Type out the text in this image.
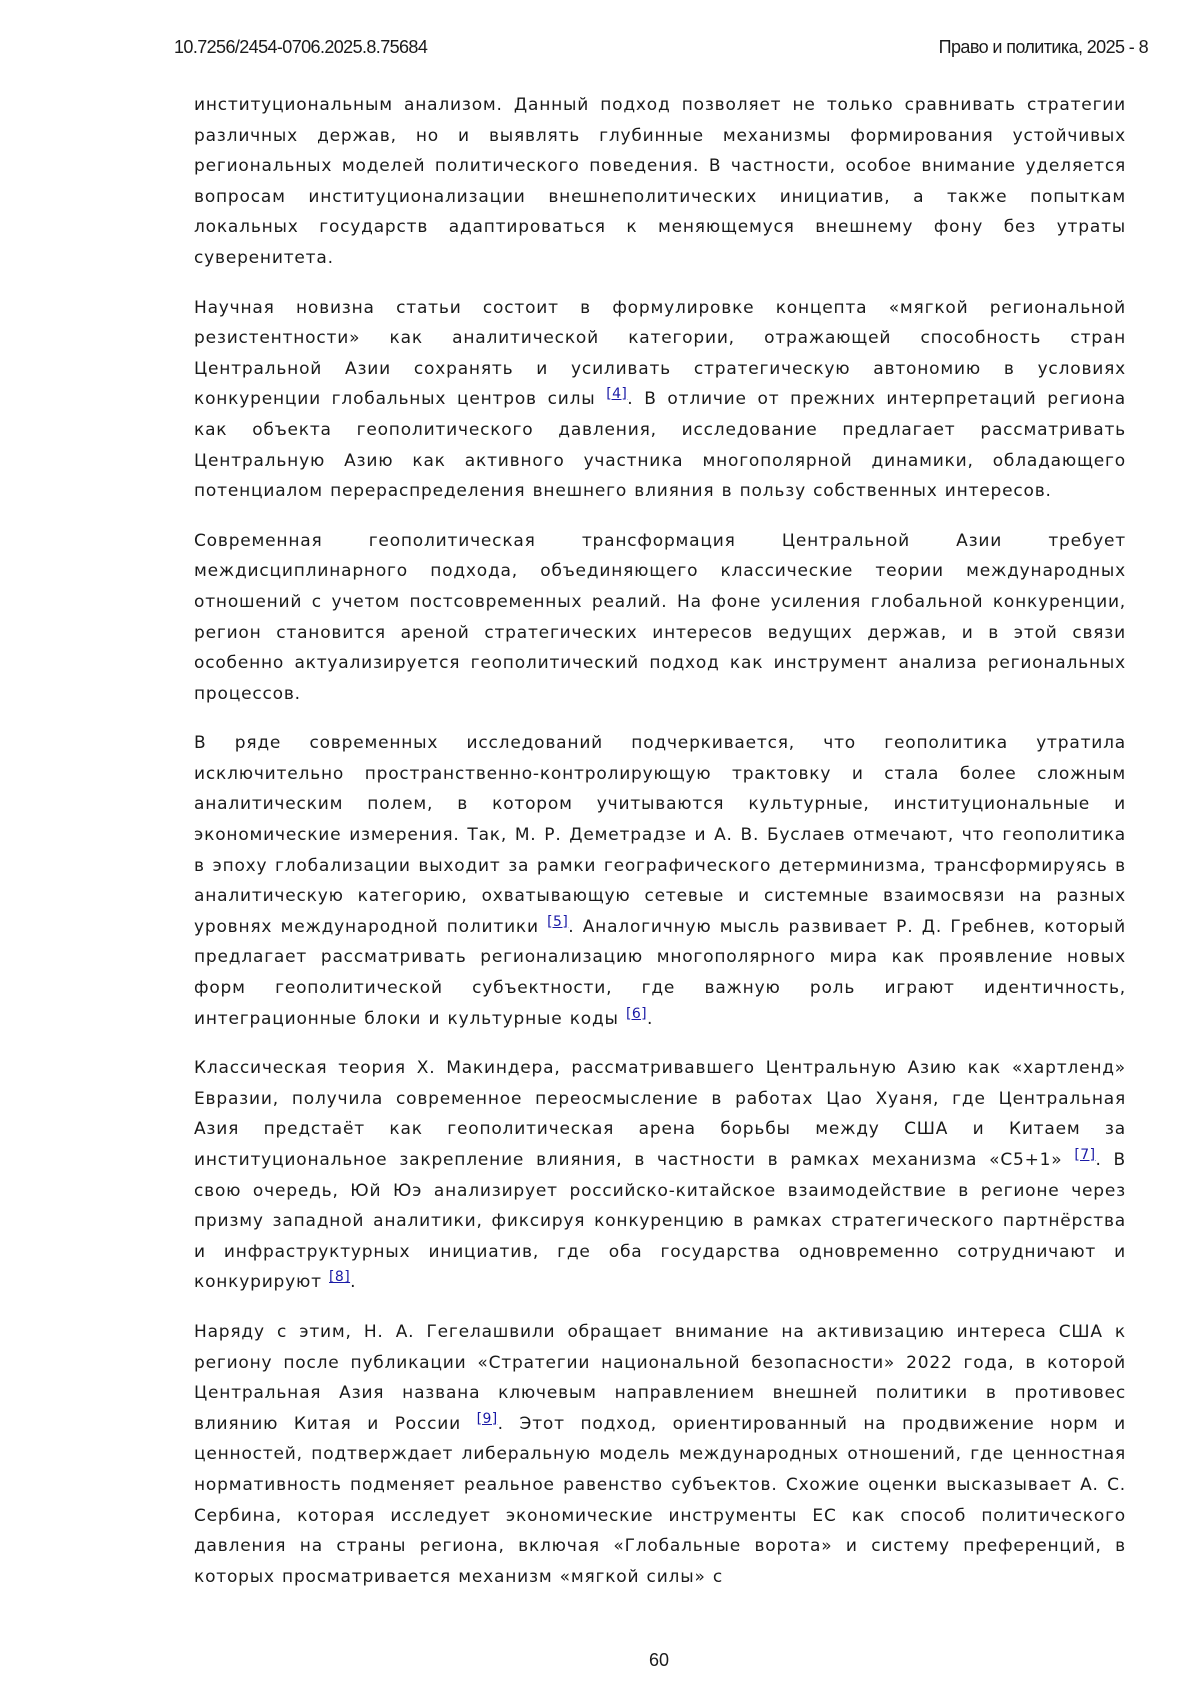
10.7256/2454-0706.2025.8.75684	Право и политика, 2025 - 8

институциональным анализом. Данный подход позволяет не только сравнивать стратегии различных держав, но и выявлять глубинные механизмы формирования устойчивых региональных моделей политического поведения. В частности, особое внимание уделяется вопросам институционализации внешнеполитических инициатив, а также попыткам локальных государств адаптироваться к меняющемуся внешнему фону без утраты суверенитета.

Научная новизна статьи состоит в формулировке концепта «мягкой региональной резистентности» как аналитической категории, отражающей способность стран Центральной Азии сохранять и усиливать стратегическую автономию в условиях конкуренции глобальных центров силы [4]. В отличие от прежних интерпретаций региона как объекта геополитического давления, исследование предлагает рассматривать Центральную Азию как активного участника многополярной динамики, обладающего потенциалом перераспределения внешнего влияния в пользу собственных интересов.

Современная геополитическая трансформация Центральной Азии требует междисциплинарного подхода, объединяющего классические теории международных отношений с учетом постсовременных реалий. На фоне усиления глобальной конкуренции, регион становится ареной стратегических интересов ведущих держав, и в этой связи особенно актуализируется геополитический подход как инструмент анализа региональных процессов.

В ряде современных исследований подчеркивается, что геополитика утратила исключительно пространственно-контролирующую трактовку и стала более сложным аналитическим полем, в котором учитываются культурные, институциональные и экономические измерения. Так, М. Р. Деметрадзе и А. В. Буслаев отмечают, что геополитика в эпоху глобализации выходит за рамки географического детерминизма, трансформируясь в аналитическую категорию, охватывающую сетевые и системные взаимосвязи на разных уровнях международной политики [5]. Аналогичную мысль развивает Р. Д. Гребнев, который предлагает рассматривать регионализацию многополярного мира как проявление новых форм геополитической субъектности, где важную роль играют идентичность, интеграционные блоки и культурные коды [6].

Классическая теория Х. Макиндера, рассматривавшего Центральную Азию как «хартленд» Евразии, получила современное переосмысление в работах Цао Хуаня, где Центральная Азия предстаёт как геополитическая арена борьбы между США и Китаем за институциональное закрепление влияния, в частности в рамках механизма «C5+1» [7]. В свою очередь, Юй Юэ анализирует российско-китайское взаимодействие в регионе через призму западной аналитики, фиксируя конкуренцию в рамках стратегического партнёрства и инфраструктурных инициатив, где оба государства одновременно сотрудничают и конкурируют [8].

Наряду с этим, Н. А. Гегелашвили обращает внимание на активизацию интереса США к региону после публикации «Стратегии национальной безопасности» 2022 года, в которой Центральная Азия названа ключевым направлением внешней политики в противовес влиянию Китая и России [9]. Этот подход, ориентированный на продвижение норм и ценностей, подтверждает либеральную модель международных отношений, где ценностная нормативность подменяет реальное равенство субъектов. Схожие оценки высказывает А. С. Сербина, которая исследует экономические инструменты ЕС как способ политического давления на страны региона, включая «Глобальные ворота» и систему преференций, в которых просматривается механизм «мягкой силы» с

60
